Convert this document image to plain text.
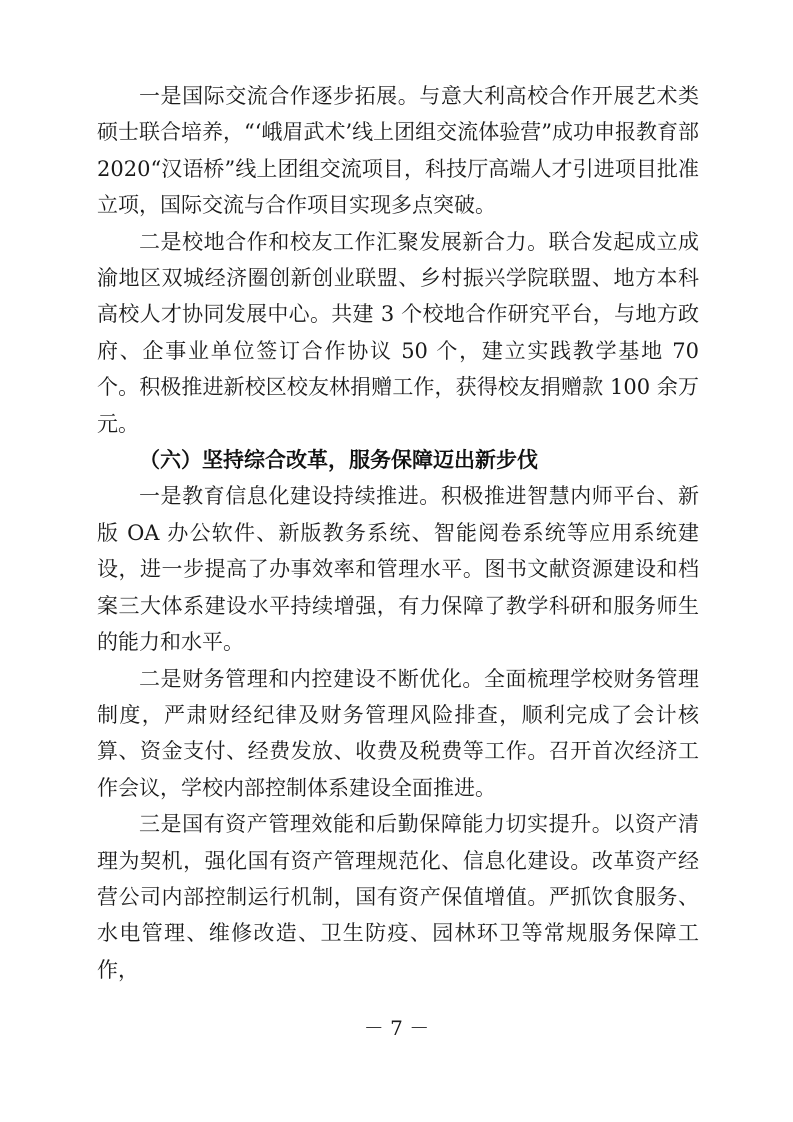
一是国际交流合作逐步拓展。与意大利高校合作开展艺术类硕士联合培养，“‘峨眉武术’线上团组交流体验营”成功申报教育部 2020“汉语桥”线上团组交流项目，科技厅高端人才引进项目批准立项，国际交流与合作项目实现多点突破。

二是校地合作和校友工作汇聚发展新合力。联合发起成立成渝地区双城经济圈创新创业联盟、乡村振兴学院联盟、地方本科高校人才协同发展中心。共建 3 个校地合作研究平台，与地方政府、企事业单位签订合作协议 50 个，建立实践教学基地 70 个。积极推进新校区校友林捐赠工作，获得校友捐赠款 100 余万元。

（六）坚持综合改革，服务保障迈出新步伐

一是教育信息化建设持续推进。积极推进智慧内师平台、新版 OA 办公软件、新版教务系统、智能阅卷系统等应用系统建设，进一步提高了办事效率和管理水平。图书文献资源建设和档案三大体系建设水平持续增强，有力保障了教学科研和服务师生的能力和水平。

二是财务管理和内控建设不断优化。全面梳理学校财务管理制度，严肃财经纪律及财务管理风险排查，顺利完成了会计核算、资金支付、经费发放、收费及税费等工作。召开首次经济工作会议，学校内部控制体系建设全面推进。

三是国有资产管理效能和后勤保障能力切实提升。以资产清理为契机，强化国有资产管理规范化、信息化建设。改革资产经营公司内部控制运行机制，国有资产保值增值。严抓饮食服务、水电管理、维修改造、卫生防疫、园林环卫等常规服务保障工作，

－ 7 －
